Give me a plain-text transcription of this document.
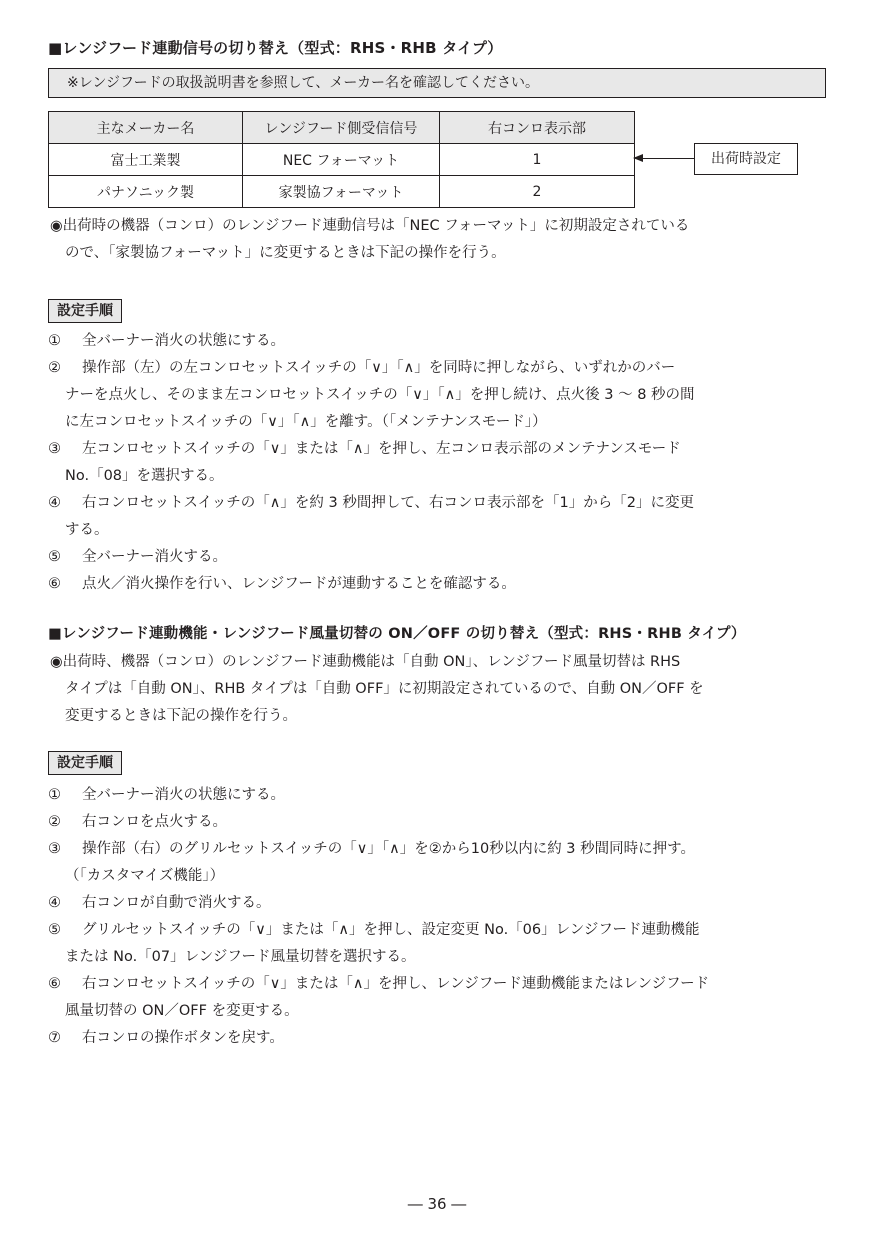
■レンジフード連動信号の切り替え（型式：RHS・RHB タイプ）
※レンジフードの取扱説明書を参照して、メーカー名を確認してください。
主なメーカー名	レンジフード側受信信号	右コンロ表示部
富士工業製	NEC フォーマット	1
パナソニック製	家製協フォーマット	2
出荷時設定
◉出荷時の機器（コンロ）のレンジフード連動信号は「NEC フォーマット」に初期設定されている
ので、「家製協フォーマット」に変更するときは下記の操作を行う。
設定手順
① 全バーナー消火の状態にする。
② 操作部（左）の左コンロセットスイッチの「∨」「∧」を同時に押しながら、いずれかのバー
ナーを点火し、そのまま左コンロセットスイッチの「∨」「∧」を押し続け、点火後 3 ～ 8 秒の間
に左コンロセットスイッチの「∨」「∧」を離す。（「メンテナンスモード」）
③ 左コンロセットスイッチの「∨」または「∧」を押し、左コンロ表示部のメンテナンスモード
No.「08」を選択する。
④ 右コンロセットスイッチの「∧」を約 3 秒間押して、右コンロ表示部を「1」から「2」に変更
する。
⑤ 全バーナー消火する。
⑥ 点火／消火操作を行い、レンジフードが連動することを確認する。
■レンジフード連動機能・レンジフード風量切替の ON／OFF の切り替え（型式：RHS・RHB タイプ）
◉出荷時、機器（コンロ）のレンジフード連動機能は「自動 ON」、レンジフード風量切替は RHS
タイプは「自動 ON」、RHB タイプは「自動 OFF」に初期設定されているので、自動 ON／OFF を
変更するときは下記の操作を行う。
設定手順
① 全バーナー消火の状態にする。
② 右コンロを点火する。
③ 操作部（右）のグリルセットスイッチの「∨」「∧」を②から10秒以内に約 3 秒間同時に押す。
（「カスタマイズ機能」）
④ 右コンロが自動で消火する。
⑤ グリルセットスイッチの「∨」または「∧」を押し、設定変更 No.「06」レンジフード連動機能
または No.「07」レンジフード風量切替を選択する。
⑥ 右コンロセットスイッチの「∨」または「∧」を押し、レンジフード連動機能またはレンジフード
風量切替の ON／OFF を変更する。
⑦ 右コンロの操作ボタンを戻す。
― 36 ―
